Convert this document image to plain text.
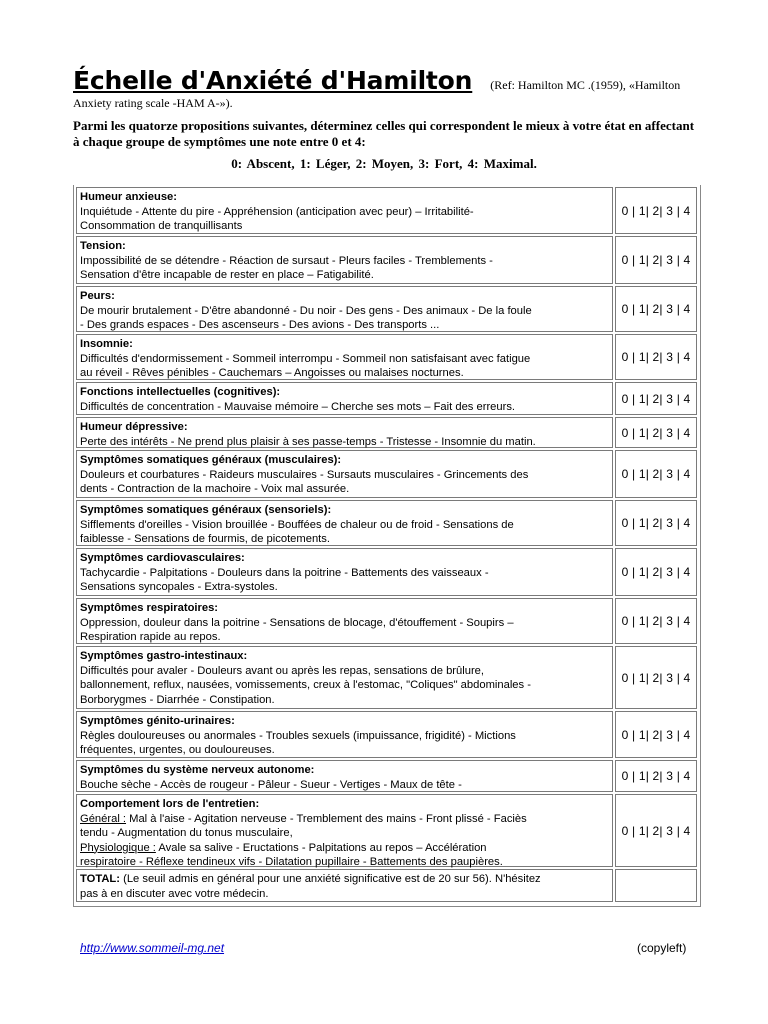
Échelle d'Anxiété d'Hamilton (Ref: Hamilton MC .(1959), «Hamilton
Anxiety rating scale -HAM A-»).
Parmi les quatorze propositions suivantes, déterminez celles qui correspondent le mieux à votre état en affectant à chaque groupe de symptômes une note entre 0 et 4:
0: Abscent, 1: Léger, 2: Moyen, 3: Fort, 4: Maximal.
Humeur anxieuse:
Inquiétude - Attente du pire - Appréhension (anticipation avec peur) – Irritabilité-
Consommation de tranquillisants
0 | 1| 2| 3 | 4
Tension:
Impossibilité de se détendre - Réaction de sursaut - Pleurs faciles - Tremblements -
Sensation d'être incapable de rester en place – Fatigabilité.
0 | 1| 2| 3 | 4
Peurs:
De mourir brutalement - D'être abandonné - Du noir - Des gens - Des animaux - De la foule
- Des grands espaces - Des ascenseurs - Des avions - Des transports ...
0 | 1| 2| 3 | 4
Insomnie:
Difficultés d'endormissement - Sommeil interrompu - Sommeil non satisfaisant avec fatigue
au réveil - Rêves pénibles - Cauchemars – Angoisses ou malaises nocturnes.
0 | 1| 2| 3 | 4
Fonctions intellectuelles (cognitives):
Difficultés de concentration - Mauvaise mémoire – Cherche ses mots – Fait des erreurs.
0 | 1| 2| 3 | 4
Humeur dépressive:
Perte des intérêts - Ne prend plus plaisir à ses passe-temps - Tristesse - Insomnie du matin.
0 | 1| 2| 3 | 4
Symptômes somatiques généraux (musculaires):
Douleurs et courbatures - Raideurs musculaires - Sursauts musculaires - Grincements des
dents - Contraction de la machoire - Voix mal assurée.
0 | 1| 2| 3 | 4
Symptômes somatiques généraux (sensoriels):
Sifflements d'oreilles - Vision brouillée - Bouffées de chaleur ou de froid - Sensations de
faiblesse - Sensations de fourmis, de picotements.
0 | 1| 2| 3 | 4
Symptômes cardiovasculaires:
Tachycardie - Palpitations - Douleurs dans la poitrine - Battements des vaisseaux -
Sensations syncopales - Extra-systoles.
0 | 1| 2| 3 | 4
Symptômes respiratoires:
Oppression, douleur dans la poitrine - Sensations de blocage, d'étouffement - Soupirs –
Respiration rapide au repos.
0 | 1| 2| 3 | 4
Symptômes gastro-intestinaux:
Difficultés pour avaler - Douleurs avant ou après les repas, sensations de brûlure,
ballonnement, reflux, nausées, vomissements, creux à l'estomac, "Coliques" abdominales -
Borborygmes - Diarrhée - Constipation.
0 | 1| 2| 3 | 4
Symptômes génito-urinaires:
Règles douloureuses ou anormales - Troubles sexuels (impuissance, frigidité) - Mictions
fréquentes, urgentes, ou douloureuses.
0 | 1| 2| 3 | 4
Symptômes du système nerveux autonome:
Bouche sèche - Accès de rougeur - Pâleur - Sueur - Vertiges - Maux de tête -
0 | 1| 2| 3 | 4
Comportement lors de l'entretien:
Général : Mal à l'aise - Agitation nerveuse - Tremblement des mains - Front plissé - Faciès
tendu - Augmentation du tonus musculaire,
Physiologique : Avale sa salive - Eructations - Palpitations au repos – Accélération
respiratoire - Réflexe tendineux vifs - Dilatation pupillaire - Battements des paupières.
0 | 1| 2| 3 | 4
TOTAL: (Le seuil admis en général pour une anxiété significative est de 20 sur 56). N'hésitez
pas à en discuter avec votre médecin.
http://www.sommeil-mg.net	(copyleft)
